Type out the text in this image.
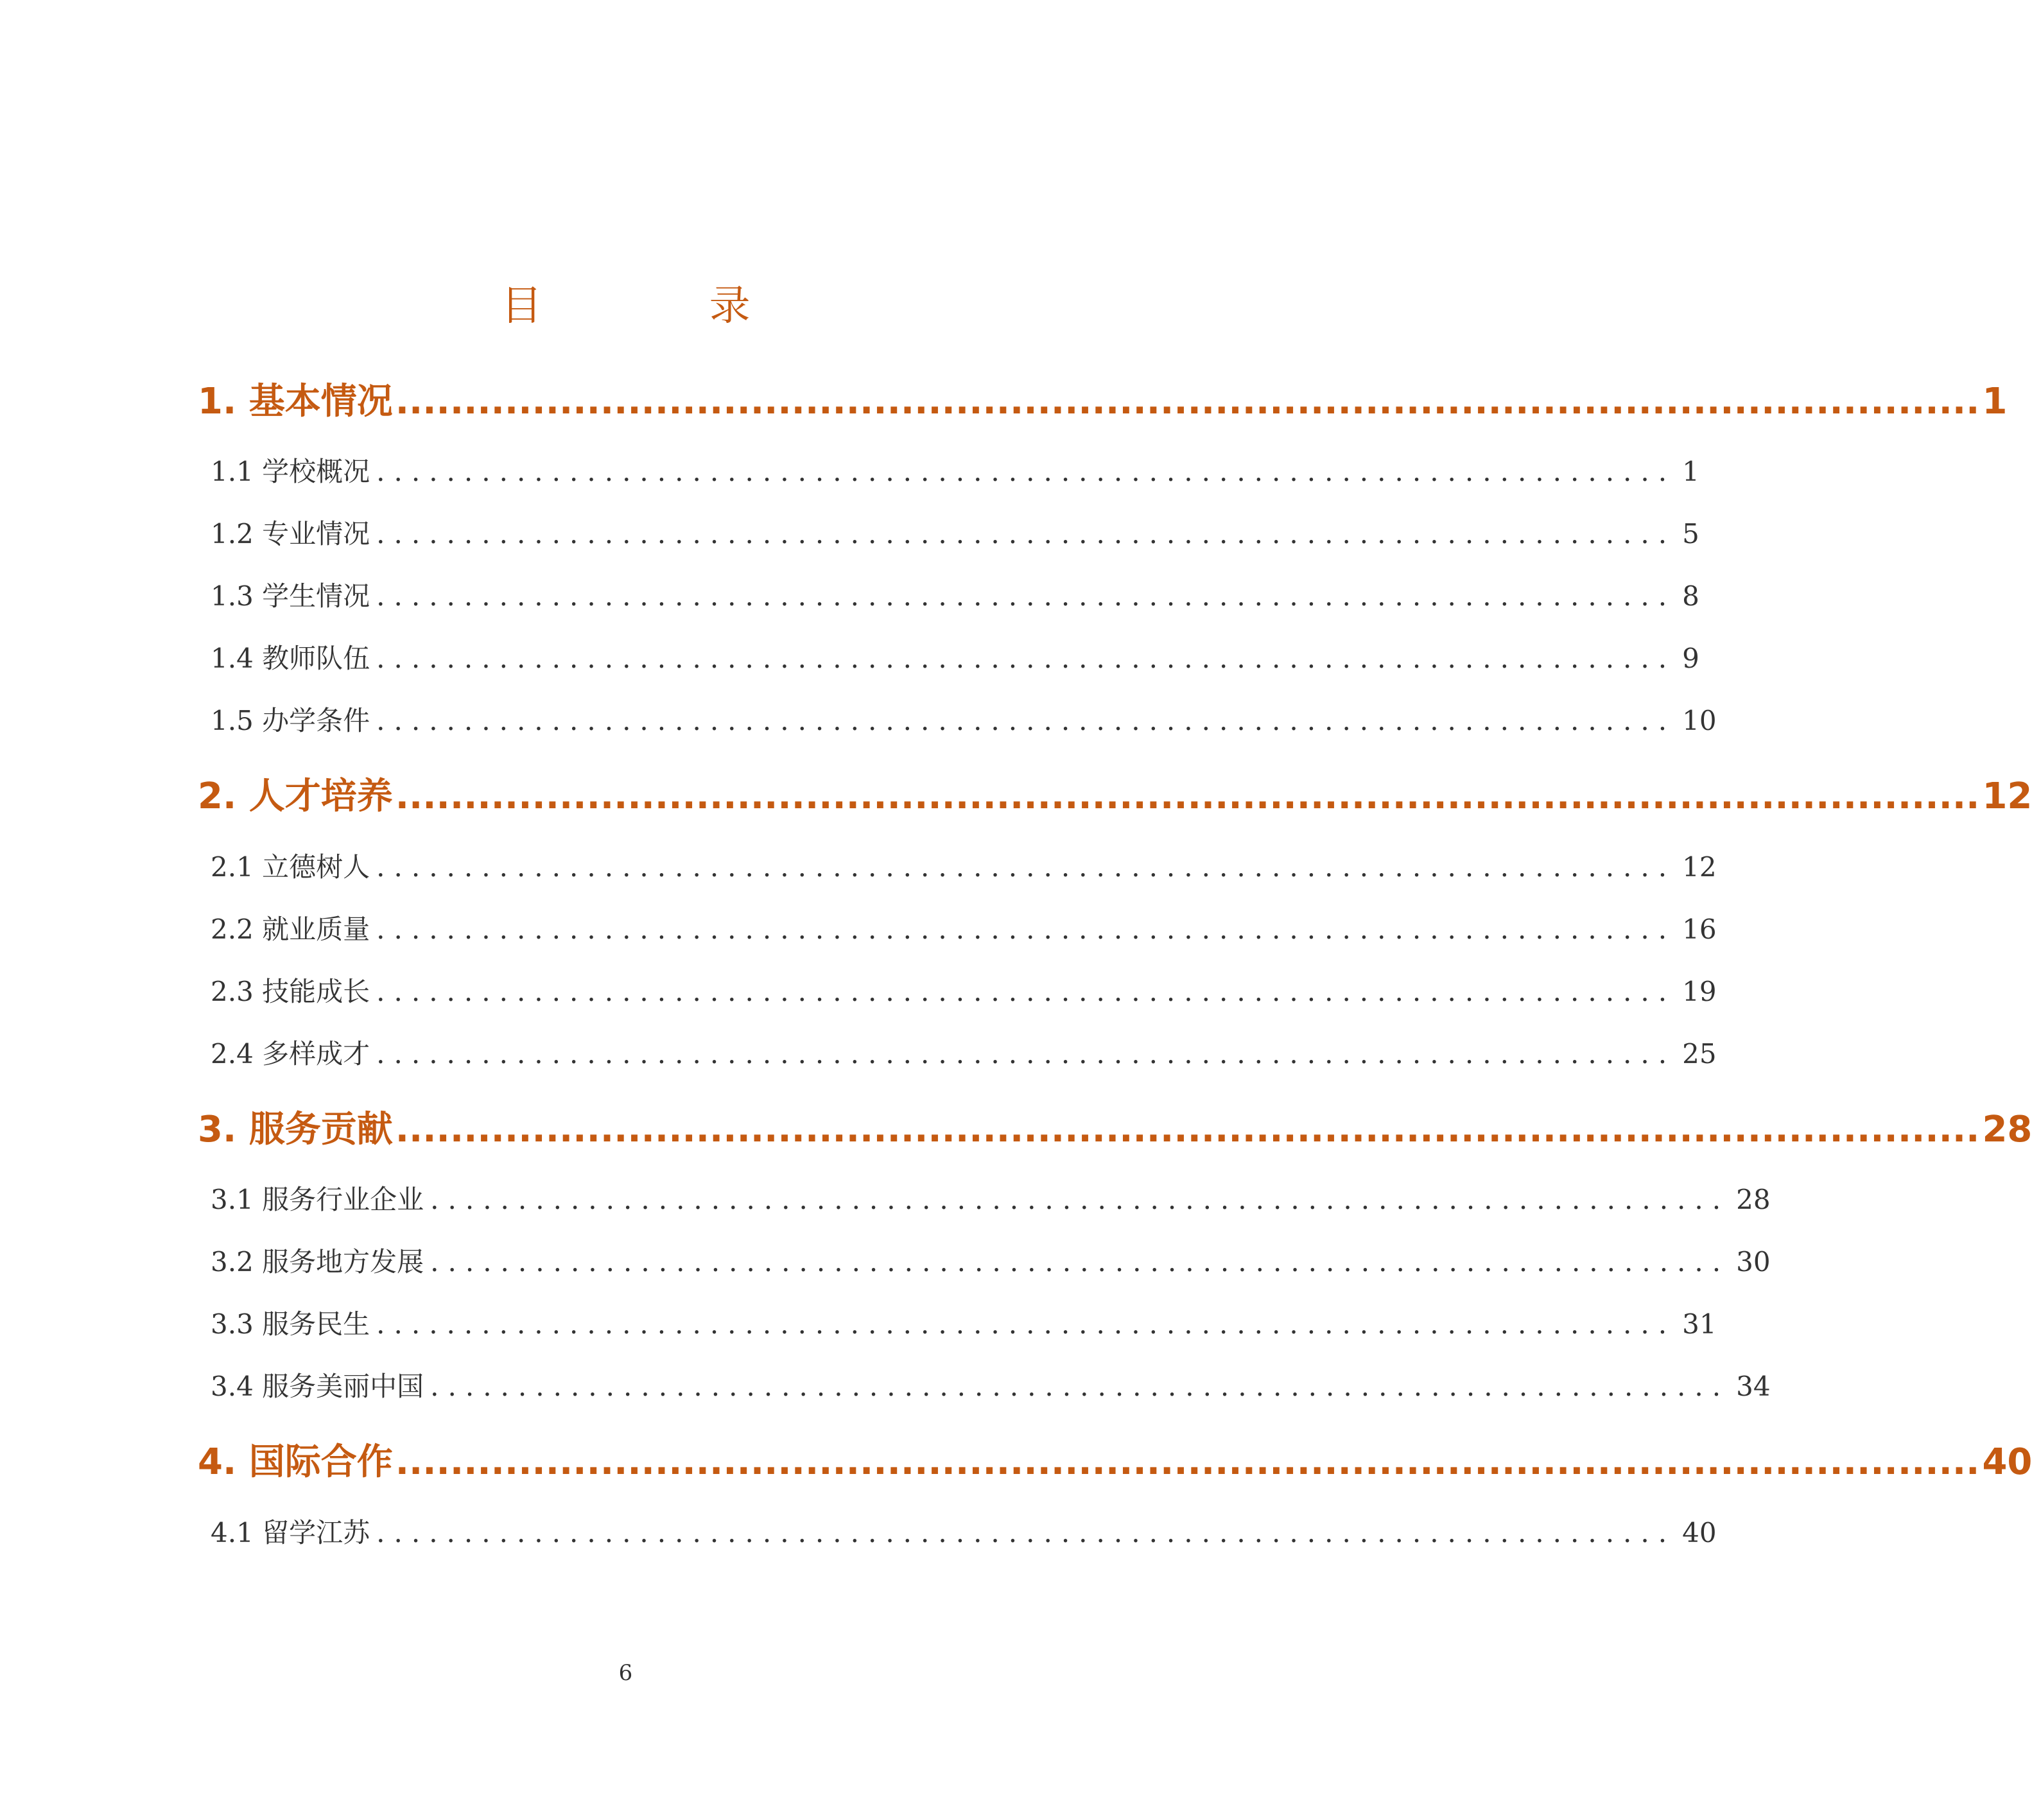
目 录
1. 基本情况 .................................................................................................................... 1
1.1 学校概况 .......................................................................... 1
1.2 专业情况 .......................................................................... 5
1.3 学生情况 .......................................................................... 8
1.4 教师队伍 .......................................................................... 9
1.5 办学条件 .......................................................................... 10
2. 人才培养 .................................................................................................................... 12
2.1 立德树人 .......................................................................... 12
2.2 就业质量 .......................................................................... 16
2.3 技能成长 .......................................................................... 19
2.4 多样成才 .......................................................................... 25
3. 服务贡献 .................................................................................................................... 28
3.1 服务行业企业 .......................................................................... 28
3.2 服务地方发展 .......................................................................... 30
3.3 服务民生 .......................................................................... 31
3.4 服务美丽中国 .......................................................................... 34
4. 国际合作 .................................................................................................................... 40
4.1 留学江苏 .......................................................................... 40
6
